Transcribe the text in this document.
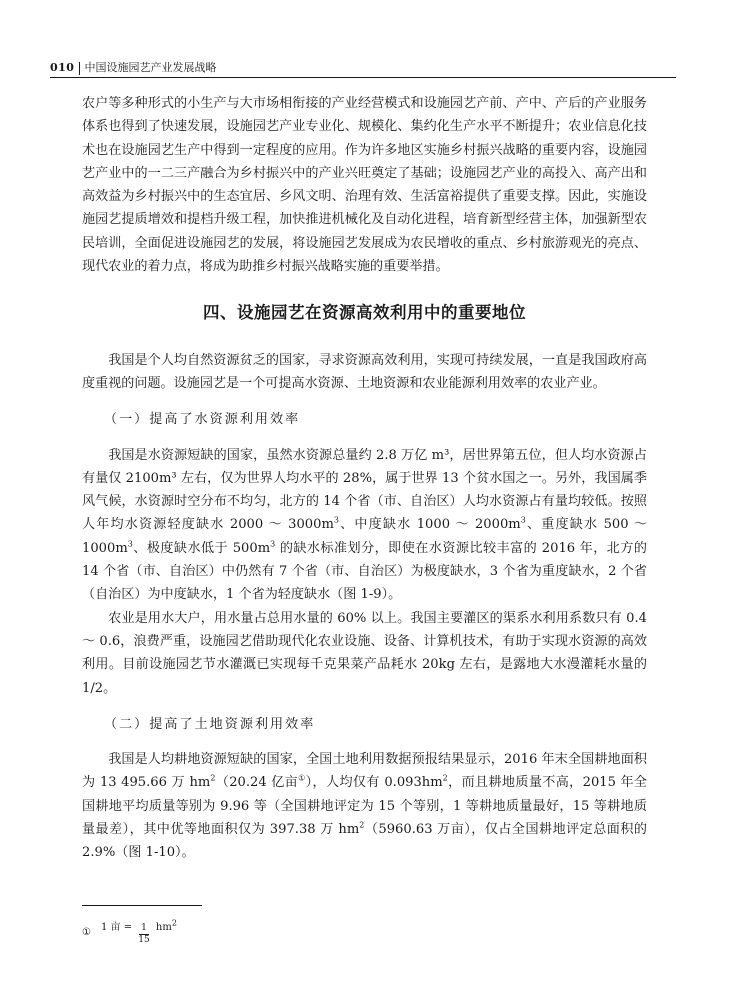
010 中国设施园艺产业发展战略

农户等多种形式的小生产与大市场相衔接的产业经营模式和设施园艺产前、产中、产后的产业服务体系也得到了快速发展，设施园艺产业专业化、规模化、集约化生产水平不断提升；农业信息化技术也在设施园艺生产中得到一定程度的应用。作为许多地区实施乡村振兴战略的重要内容，设施园艺产业中的一二三产融合为乡村振兴中的产业兴旺奠定了基础；设施园艺产业的高投入、高产出和高效益为乡村振兴中的生态宜居、乡风文明、治理有效、生活富裕提供了重要支撑。因此，实施设施园艺提质增效和提档升级工程，加快推进机械化及自动化进程，培育新型经营主体，加强新型农民培训，全面促进设施园艺的发展，将设施园艺发展成为农民增收的重点、乡村旅游观光的亮点、现代农业的着力点，将成为助推乡村振兴战略实施的重要举措。

四、设施园艺在资源高效利用中的重要地位

我国是个人均自然资源贫乏的国家，寻求资源高效利用，实现可持续发展，一直是我国政府高度重视的问题。设施园艺是一个可提高水资源、土地资源和农业能源利用效率的农业产业。

（一）提高了水资源利用效率

我国是水资源短缺的国家，虽然水资源总量约 2.8 万亿 m³，居世界第五位，但人均水资源占有量仅 2100m³ 左右，仅为世界人均水平的 28%，属于世界 13 个贫水国之一。另外，我国属季风气候，水资源时空分布不均匀，北方的 14 个省（市、自治区）人均水资源占有量均较低。按照人年均水资源轻度缺水 2000 ～ $3000m^3$、中度缺水 1000 ～ $2000m^3$、重度缺水 500 ～ $1000m^3$、极度缺水低于 $500m^3$ 的缺水标准划分，即使在水资源比较丰富的 2016 年，北方的 14 个省（市、自治区）中仍然有 7 个省（市、自治区）为极度缺水，3 个省为重度缺水，2 个省（自治区）为中度缺水，1 个省为轻度缺水（图 1-9）。

农业是用水大户，用水量占总用水量的 60% 以上。我国主要灌区的渠系水利用系数只有 0.4 ～ 0.6，浪费严重，设施园艺借助现代化农业设施、设备、计算机技术，有助于实现水资源的高效利用。目前设施园艺节水灌溉已实现每千克果菜产品耗水 20kg 左右，是露地大水漫灌耗水量的 1/2。

（二）提高了土地资源利用效率

我国是人均耕地资源短缺的国家，全国土地利用数据预报结果显示，2016 年末全国耕地面积为 13 495.66 万 $hm^2(20.24$ 亿亩①），人均仅有 $0.093hm^2$，而且耕地质量不高，2015 年全国耕地平均质量等别为 9.96 等（全国耕地评定为 15 个等别，1 等耕地质量最好，15 等耕地质量最差），其中优等地面积仅为 397.38 万 $hm^2(5960.63$ 万亩），仅占全国耕地评定总面积的 2.9%（图 1-10）。

① 1 亩 = $\frac{1}{15} hm^2$
